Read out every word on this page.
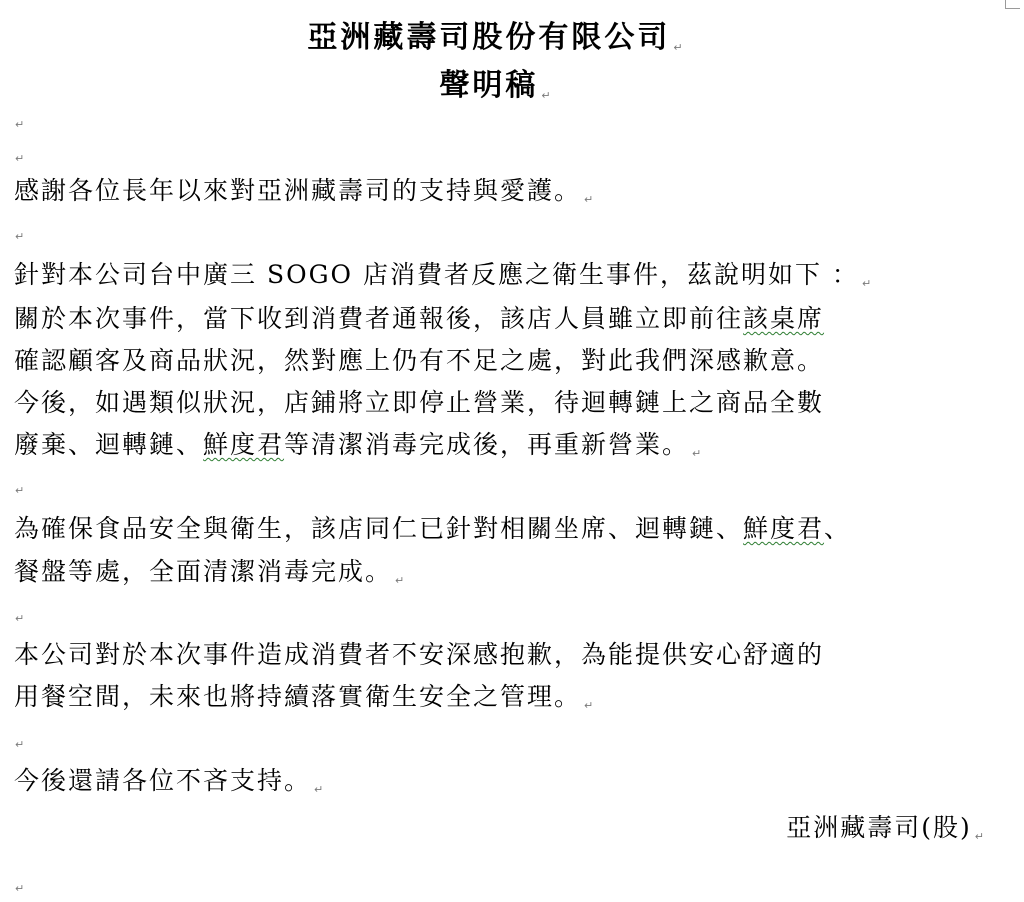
亞洲藏壽司股份有限公司 ↵
聲明稿 ↵
↵
↵
感謝各位長年以來對亞洲藏壽司的支持與愛護。 ↵
↵
針對本公司台中廣三 SOGO 店消費者反應之衛生事件，茲說明如下 ： ↵
關於本次事件，當下收到消費者通報後，該店人員雖立即前往該桌席
確認顧客及商品狀況，然對應上仍有不足之處，對此我們深感歉意。
今後，如遇類似狀況，店鋪將立即停止營業，待迴轉鏈上之商品全數
廢棄、迴轉鏈、鮮度君等清潔消毒完成後，再重新營業。 ↵
↵
為確保食品安全與衛生，該店同仁已針對相關坐席、迴轉鏈、鮮度君、
餐盤等處，全面清潔消毒完成。 ↵
↵
本公司對於本次事件造成消費者不安深感抱歉，為能提供安心舒適的
用餐空間，未來也將持續落實衛生安全之管理。 ↵
↵
今後還請各位不吝支持。 ↵
亞洲藏壽司(股) ↵
↵
